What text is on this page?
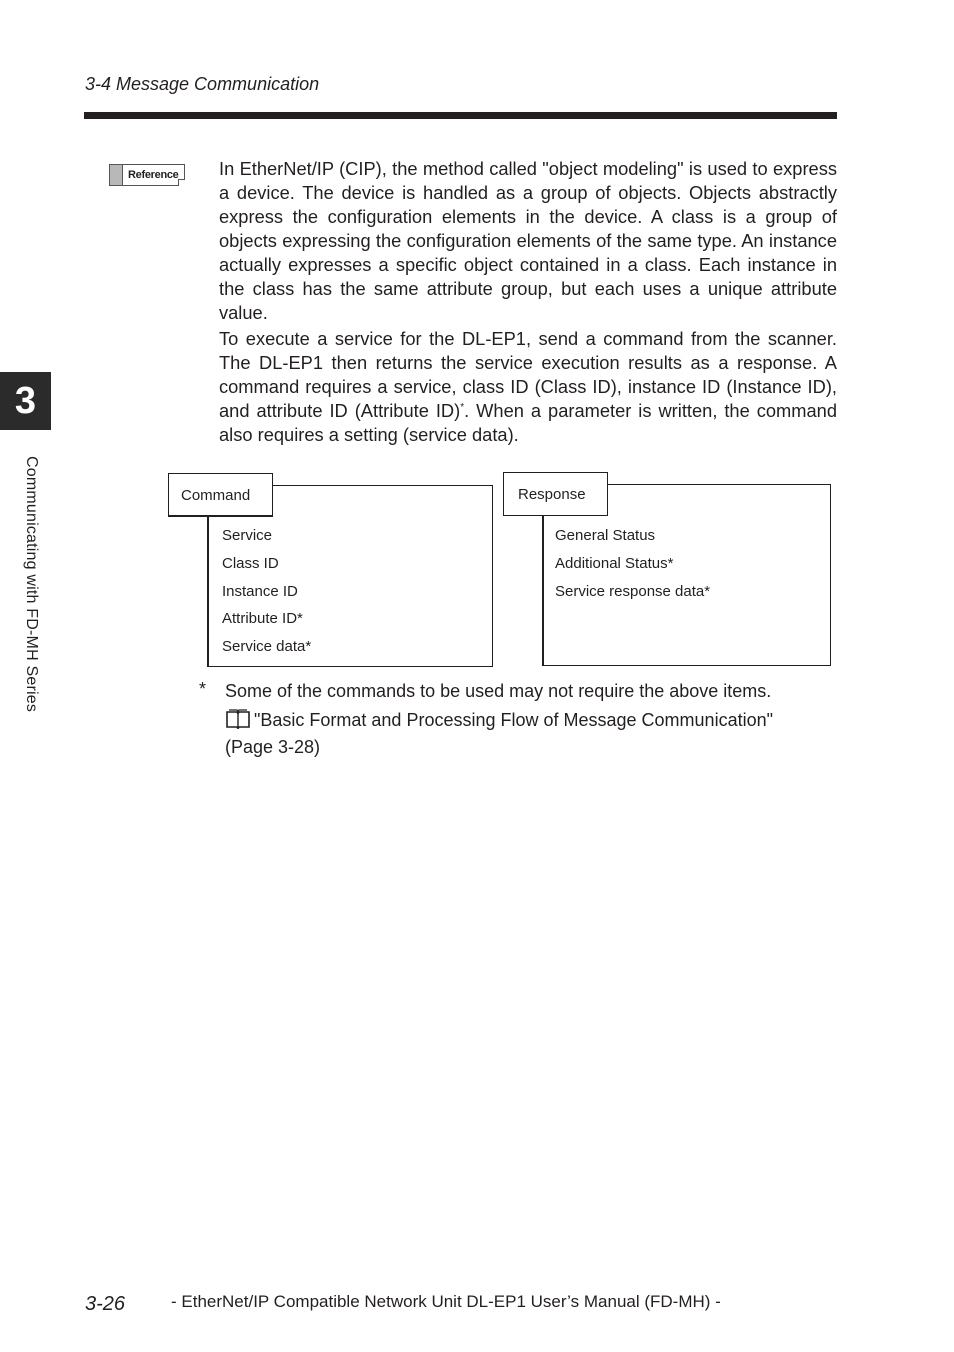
3-4 Message Communication
3
Communicating with FD-MH Series
Reference	In EtherNet/IP (CIP), the method called "object modeling" is used to express a device. The device is handled as a group of objects. Objects abstractly express the configuration elements in the device. A class is a group of objects expressing the configuration elements of the same type. An instance actually expresses a specific object contained in a class. Each instance in the class has the same attribute group, but each uses a unique attribute value.
To execute a service for the DL-EP1, send a command from the scanner. The DL-EP1 then returns the service execution results as a response. A command requires a service, class ID (Class ID), instance ID (Instance ID), and attribute ID (Attribute ID)*. When a parameter is written, the command also requires a setting (service data).
Command
Service
Class ID
Instance ID
Attribute ID*
Service data*
Response
General Status
Additional Status*
Service response data*
* Some of the commands to be used may not require the above items.
"Basic Format and Processing Flow of Message Communication" (Page 3-28)
3-26	- EtherNet/IP Compatible Network Unit DL-EP1 User’s Manual (FD-MH) -
